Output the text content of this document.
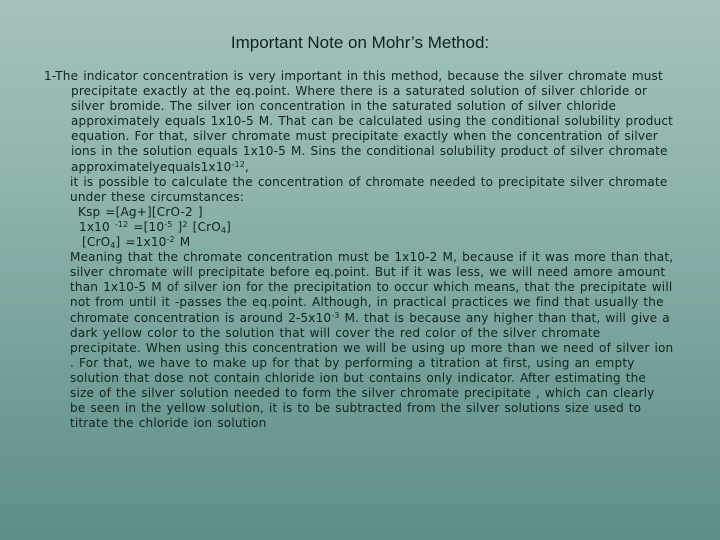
Important Note on Mohr’s Method:

1-The indicator concentration is very important in this method, because the silver chromate must precipitate exactly at the eq.point. Where there is a saturated solution of silver chloride or silver bromide. The silver ion concentration in the saturated solution of silver chloride approximately equals 1x10-5 M. That can be calculated using the conditional solubility product equation. For that, silver chromate must precipitate exactly when the concentration of silver ions in the solution equals 1x10-5 M. Sins the conditional solubility product of silver chromate $approximatelyequals1x10^{-12}$,

it is possible to calculate the concentration of chromate needed to precipitate silver chromate under these circumstances:

Ksp =[Ag+][CrO-2 ]

1x10 $^{-12} =[10^{-5}$ ]$^2$ [CrO$_4$]

$[CrO_4] =1x10^{-2}$ M

Meaning that the chromate concentration must be 1x10-2 M, because if it was more than that, silver chromate will precipitate before eq.point. But if it was less, we will need amore amount than 1x10-5 M of silver ion for the precipitation to occur which means, that the precipitate will not from until it -passes the eq.point. Although, in practical practices we find that usually the chromate concentration is around $2-5x10^{-3}$ M. that is because any higher than that, will give a dark yellow color to the solution that will cover the red color of the silver chromate precipitate. When using this concentration we will be using up more than we need of silver ion . For that, we have to make up for that by performing a titration at first, using an empty solution that dose not contain chloride ion but contains only indicator. After estimating the size of the silver solution needed to form the silver chromate precipitate , which can clearly be seen in the yellow solution, it is to be subtracted from the silver solutions size used to titrate the chloride ion solution
